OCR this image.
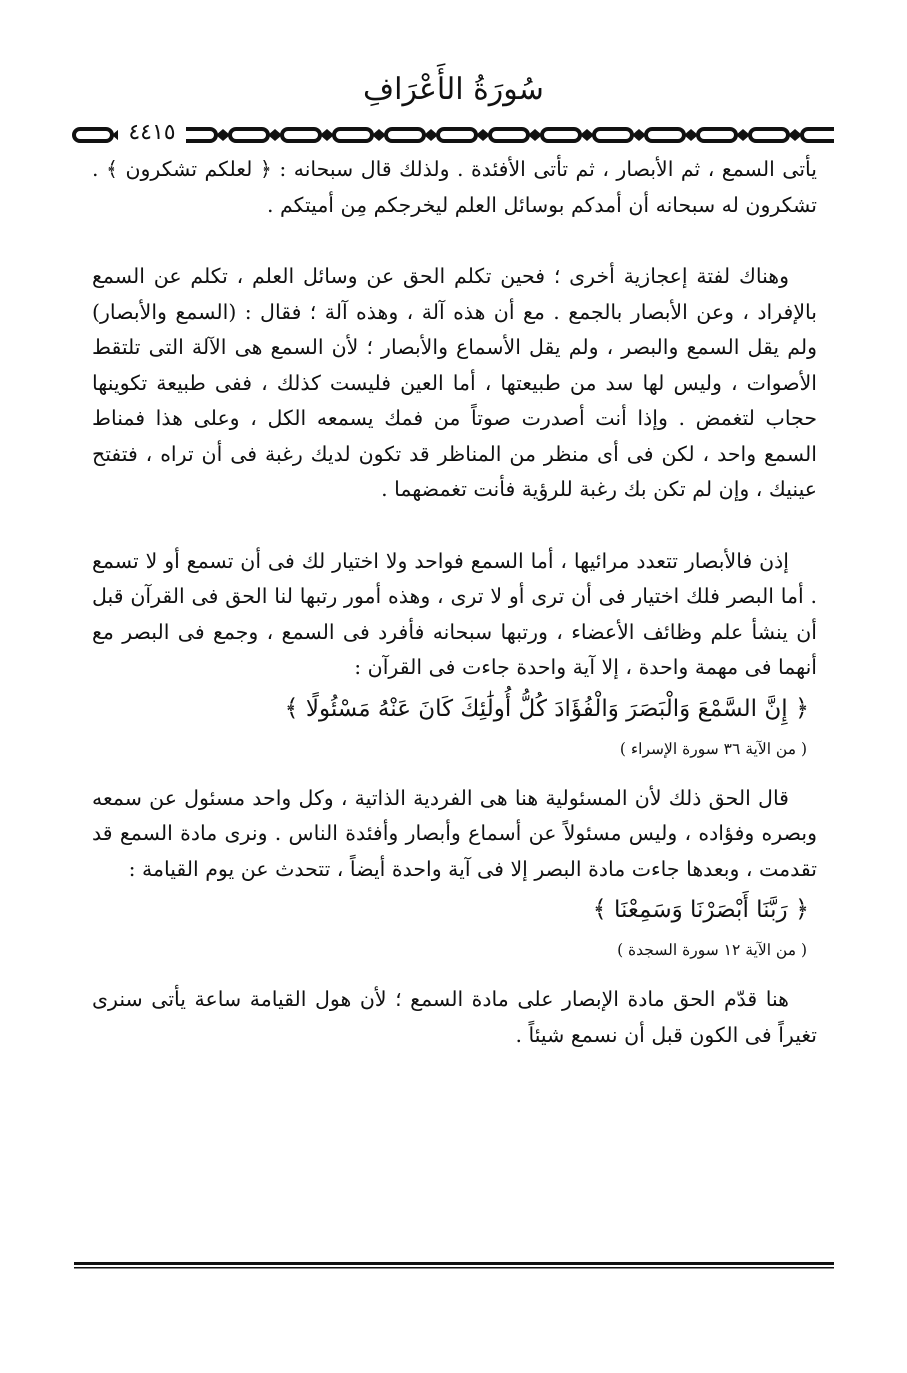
سُورَةُ الأَعْرَافِ
٤٤١٥

يأتى السمع ، ثم الأبصار ، ثم تأتى الأفئدة . ولذلك قال سبحانه : ﴿ لعلكم تشكرون ﴾ . تشكرون له سبحانه أن أمدكم بوسائل العلم ليخرجكم مِن أميتكم .

وهناك لفتة إعجازية أخرى ؛ فحين تكلم الحق عن وسائل العلم ، تكلم عن السمع بالإفراد ، وعن الأبصار بالجمع . مع أن هذه آلة ، وهذه آلة ؛ فقال : (السمع والأبصار) ولم يقل السمع والبصر ، ولم يقل الأسماع والأبصار ؛ لأن السمع هى الآلة التى تلتقط الأصوات ، وليس لها سد من طبيعتها ، أما العين فليست كذلك ، ففى طبيعة تكوينها حجاب لتغمض . وإذا أنت أصدرت صوتاً من فمك يسمعه الكل ، وعلى هذا فمناط السمع واحد ، لكن فى أى منظر من المناظر قد تكون لديك رغبة فى أن تراه ، فتفتح عينيك ، وإن لم تكن بك رغبة للرؤية فأنت تغمضهما .

إذن فالأبصار تتعدد مرائيها ، أما السمع فواحد ولا اختيار لك فى أن تسمع أو لا تسمع . أما البصر فلك اختيار فى أن ترى أو لا ترى ، وهذه أمور رتبها لنا الحق فى القرآن قبل أن ينشأ علم وظائف الأعضاء ، ورتبها سبحانه فأفرد فى السمع ، وجمع فى البصر مع أنهما فى مهمة واحدة ، إلا آية واحدة جاءت فى القرآن :

﴿ إِنَّ السَّمْعَ وَالْبَصَرَ وَالْفُؤَادَ كُلُّ أُولَٰئِكَ كَانَ عَنْهُ مَسْئُولًا ﴾

( من الآية ٣٦ سورة الإسراء )

قال الحق ذلك لأن المسئولية هنا هى الفردية الذاتية ، وكل واحد مسئول عن سمعه وبصره وفؤاده ، وليس مسئولاً عن أسماع وأبصار وأفئدة الناس . ونرى مادة السمع قد تقدمت ، وبعدها جاءت مادة البصر إلا فى آية واحدة أيضاً ، تتحدث عن يوم القيامة :

﴿ رَبَّنَا أَبْصَرْنَا وَسَمِعْنَا ﴾

( من الآية ١٢ سورة السجدة )

هنا قدّم الحق مادة الإبصار على مادة السمع ؛ لأن هول القيامة ساعة يأتى سنرى تغيراً فى الكون قبل أن نسمع شيئاً .
